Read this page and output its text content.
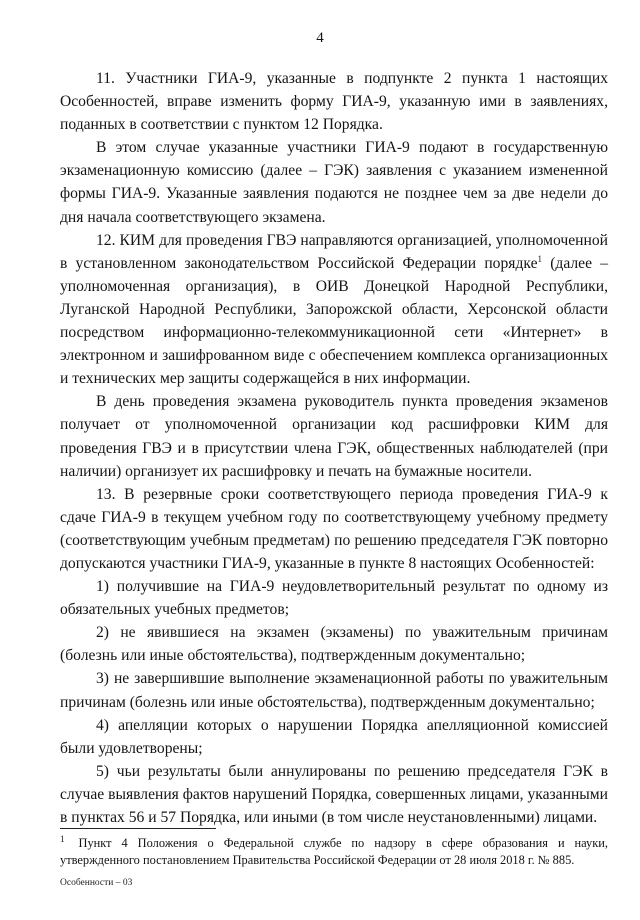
4

11. Участники ГИА-9, указанные в подпункте 2 пункта 1 настоящих Особенностей, вправе изменить форму ГИА-9, указанную ими в заявлениях, поданных в соответствии с пунктом 12 Порядка.

В этом случае указанные участники ГИА-9 подают в государственную экзаменационную комиссию (далее – ГЭК) заявления с указанием измененной формы ГИА-9. Указанные заявления подаются не позднее чем за две недели до дня начала соответствующего экзамена.

12. КИМ для проведения ГВЭ направляются организацией, уполномоченной в установленном законодательством Российской Федерации порядке$^1$ (далее – уполномоченная организация), в ОИВ Донецкой Народной Республики, Луганской Народной Республики, Запорожской области, Херсонской области посредством информационно-телекоммуникационной сети «Интернет» в электронном и зашифрованном виде с обеспечением комплекса организационных и технических мер защиты содержащейся в них информации.

В день проведения экзамена руководитель пункта проведения экзаменов получает от уполномоченной организации код расшифровки КИМ для проведения ГВЭ и в присутствии члена ГЭК, общественных наблюдателей (при наличии) организует их расшифровку и печать на бумажные носители.

13. В резервные сроки соответствующего периода проведения ГИА-9 к сдаче ГИА-9 в текущем учебном году по соответствующему учебному предмету (соответствующим учебным предметам) по решению председателя ГЭК повторно допускаются участники ГИА-9, указанные в пункте 8 настоящих Особенностей:

1) получившие на ГИА-9 неудовлетворительный результат по одному из обязательных учебных предметов;

2) не явившиеся на экзамен (экзамены) по уважительным причинам (болезнь или иные обстоятельства), подтвержденным документально;

3) не завершившие выполнение экзаменационной работы по уважительным причинам (болезнь или иные обстоятельства), подтвержденным документально;

4) апелляции которых о нарушении Порядка апелляционной комиссией были удовлетворены;

5) чьи результаты были аннулированы по решению председателя ГЭК в случае выявления фактов нарушений Порядка, совершенных лицами, указанными в пунктах 56 и 57 Порядка, или иными (в том числе неустановленными) лицами.

$^1$ Пункт 4 Положения о Федеральной службе по надзору в сфере образования и науки, утвержденного постановлением Правительства Российской Федерации от 28 июля 2018 г. № 885.
Особенности – 03
